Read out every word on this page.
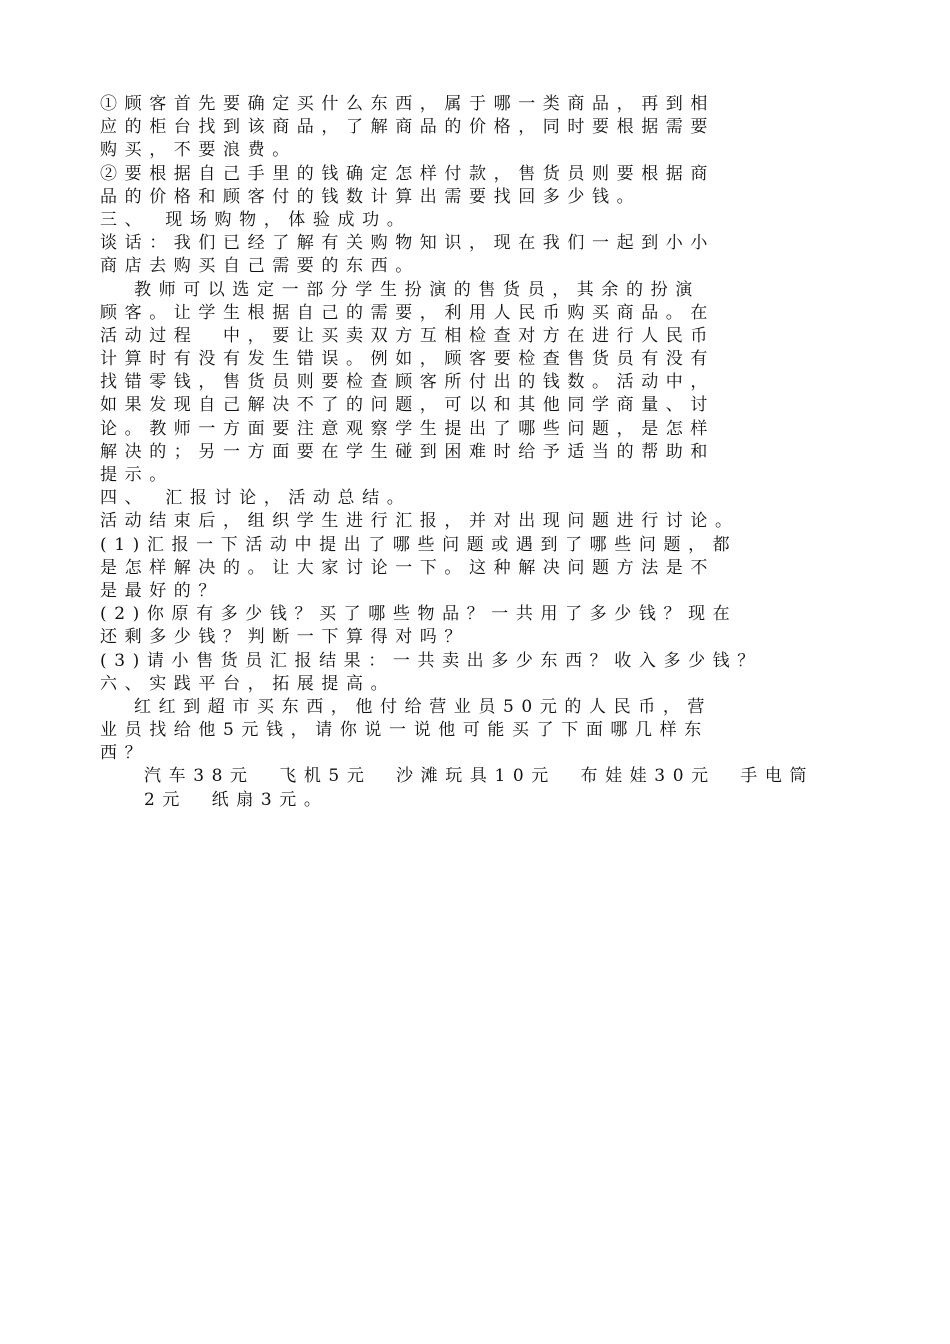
①顾客首先要确定买什么东西，属于哪一类商品，再到相
应的柜台找到该商品，了解商品的价格，同时要根据需要
购买，不要浪费。
②要根据自己手里的钱确定怎样付款，售货员则要根据商
品的价格和顾客付的钱数计算出需要找回多少钱。
三、　现场购物，体验成功。
谈话：我们已经了解有关购物知识，现在我们一起到小小
商店去购买自己需要的东西。
教师可以选定一部分学生扮演的售货员，其余的扮演
顾客。让学生根据自己的需要，利用人民币购买商品。在
活动过程　中，要让买卖双方互相检查对方在进行人民币
计算时有没有发生错误。例如，顾客要检查售货员有没有
找错零钱，售货员则要检查顾客所付出的钱数。活动中，
如果发现自己解决不了的问题，可以和其他同学商量、讨
论。教师一方面要注意观察学生提出了哪些问题，是怎样
解决的；另一方面要在学生碰到困难时给予适当的帮助和
提示。
四、　汇报讨论，活动总结。
活动结束后，组织学生进行汇报，并对出现问题进行讨论。
(1)汇报一下活动中提出了哪些问题或遇到了哪些问题，都
是怎样解决的。让大家讨论一下。这种解决问题方法是不
是最好的？
(2)你原有多少钱？买了哪些物品？一共用了多少钱？现在
还剩多少钱？判断一下算得对吗？
(3)请小售货员汇报结果：一共卖出多少东西？收入多少钱？
六、实践平台，拓展提高。
红红到超市买东西，他付给营业员50元的人民币，营
业员找给他5元钱，请你说一说他可能买了下面哪几样东
西？
汽车38元　飞机5元　沙滩玩具10元　布娃娃30元　手电筒
2元　纸扇3元。
